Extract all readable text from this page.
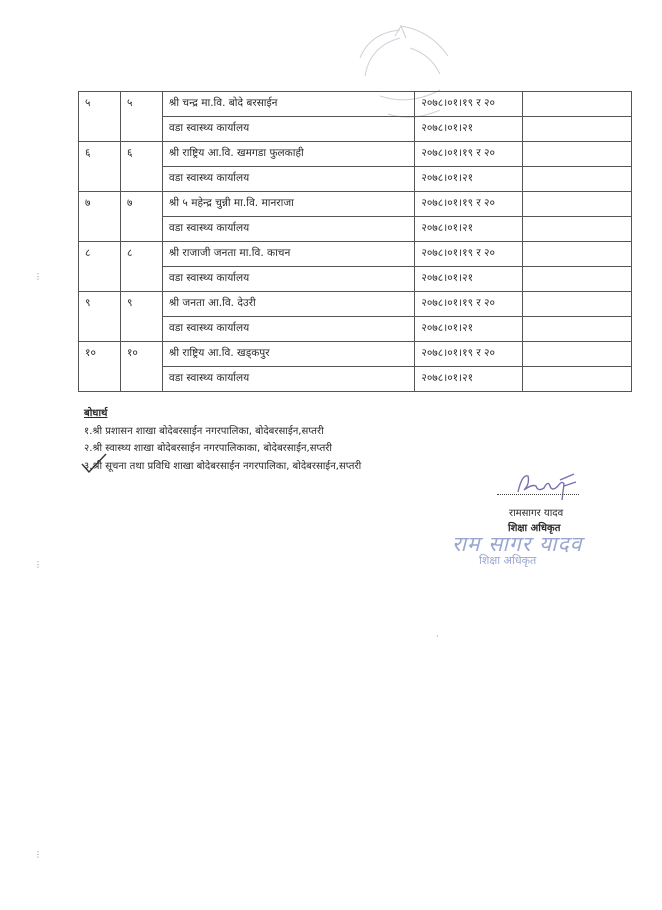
५	५	श्री चन्द्र मा.वि. बोदे बरसाईन	२०७८।०१।१९ र २०	
		वडा स्वास्थ्य कार्यालय	२०७८।०१।२१	
६	६	श्री राष्ट्रिय आ.वि. खमगडा फुलकाही	२०७८।०१।१९ र २०	
		वडा स्वास्थ्य कार्यालय	२०७८।०१।२१	
७	७	श्री ५ महेन्द्र चुन्नी मा.वि. मानराजा	२०७८।०१।१९ र २०	
		वडा स्वास्थ्य कार्यालय	२०७८।०१।२१	
८	८	श्री राजाजी जनता मा.वि. काचन	२०७८।०१।१९ र २०	
		वडा स्वास्थ्य कार्यालय	२०७८।०१।२१	
९	९	श्री जनता आ.वि. देउरी	२०७८।०१।१९ र २०	
		वडा स्वास्थ्य कार्यालय	२०७८।०१।२१	
१०	१०	श्री राष्ट्रिय आ.वि. खड्कपुर	२०७८।०१।१९ र २०	
		वडा स्वास्थ्य कार्यालय	२०७८।०१।२१	
बोधार्थ
१.श्री प्रशासन शाखा बोदेबरसाईन नगरपालिका, बोदेबरसाईन,सप्तरी
२.श्री स्वास्थ्य शाखा बोदेबरसाईन नगरपालिकाका, बोदेबरसाईन,सप्तरी
३.श्री सूचना तथा प्रविधि शाखा बोदेबरसाईन नगरपालिका, बोदेबरसाईन,सप्तरी
रामसागर यादव
शिक्षा अधिकृत
राम सागर यादव
शिक्षा अधिकृत
⋮
⋮
⋮
·
